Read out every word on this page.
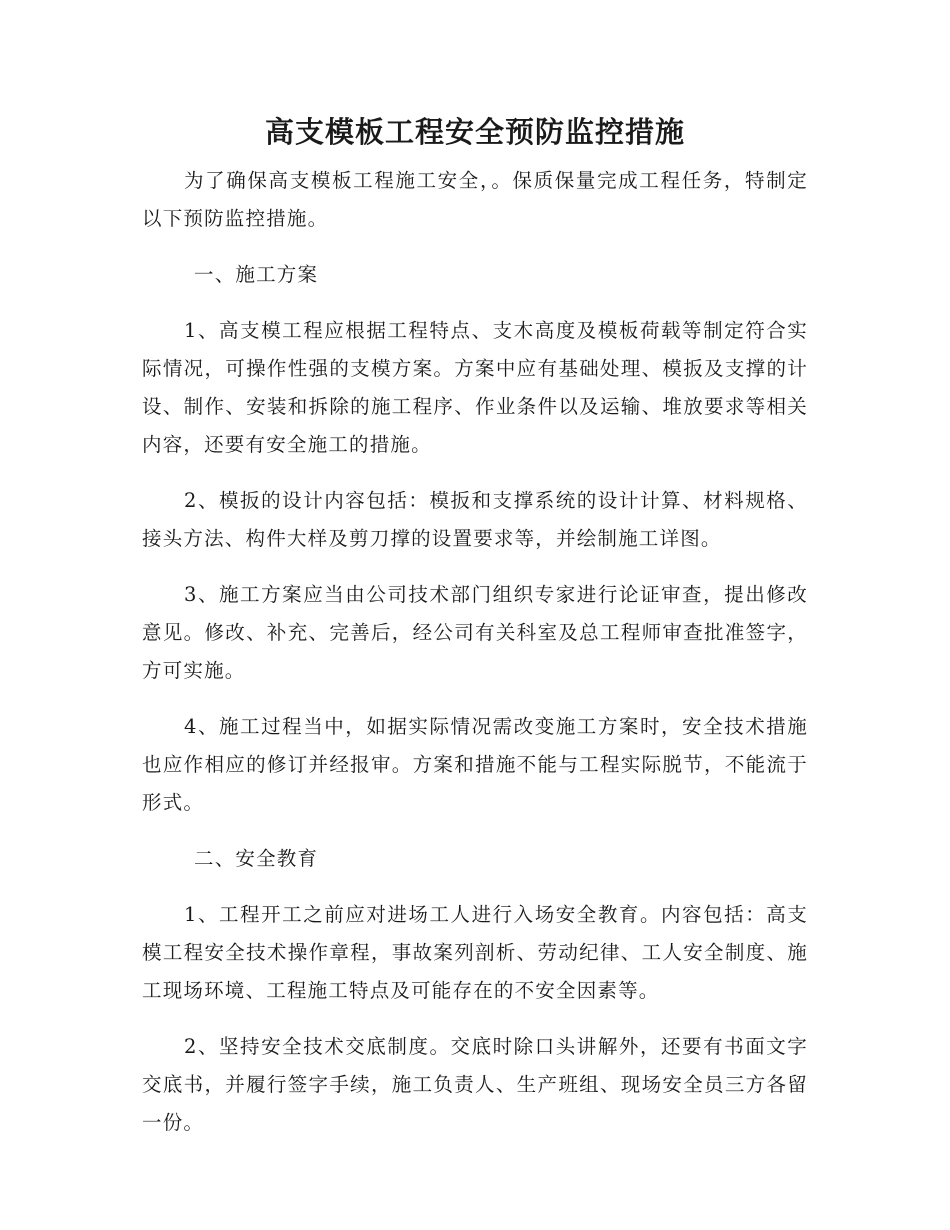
高支模板工程安全预防监控措施

为了确保高支模板工程施工安全，。保质保量完成工程任务，特制定以下预防监控措施。

一、施工方案

1、高支模工程应根据工程特点、支木高度及模板荷载等制定符合实际情况，可操作性强的支模方案。方案中应有基础处理、模扳及支撑的计设、制作、安装和拆除的施工程序、作业条件以及运输、堆放要求等相关内容，还要有安全施工的措施。

2、模扳的设计内容包括：模扳和支撑系统的设计计算、材料规格、接头方法、构件大样及剪刀撑的设置要求等，并绘制施工详图。

3、施工方案应当由公司技术部门组织专家进行论证审查，提出修改意见。修改、补充、完善后，经公司有关科室及总工程师审查批准签字，方可实施。

4、施工过程当中，如据实际情况需改变施工方案时，安全技术措施也应作相应的修订并经报审。方案和措施不能与工程实际脱节，不能流于形式。

二、安全教育

1、工程开工之前应对进场工人进行入场安全教育。内容包括：高支模工程安全技术操作章程，事故案列剖析、劳动纪律、工人安全制度、施工现场环境、工程施工特点及可能存在的不安全因素等。

2、坚持安全技术交底制度。交底时除口头讲解外，还要有书面文字交底书，并履行签字手续，施工负责人、生产班组、现场安全员三方各留一份。
